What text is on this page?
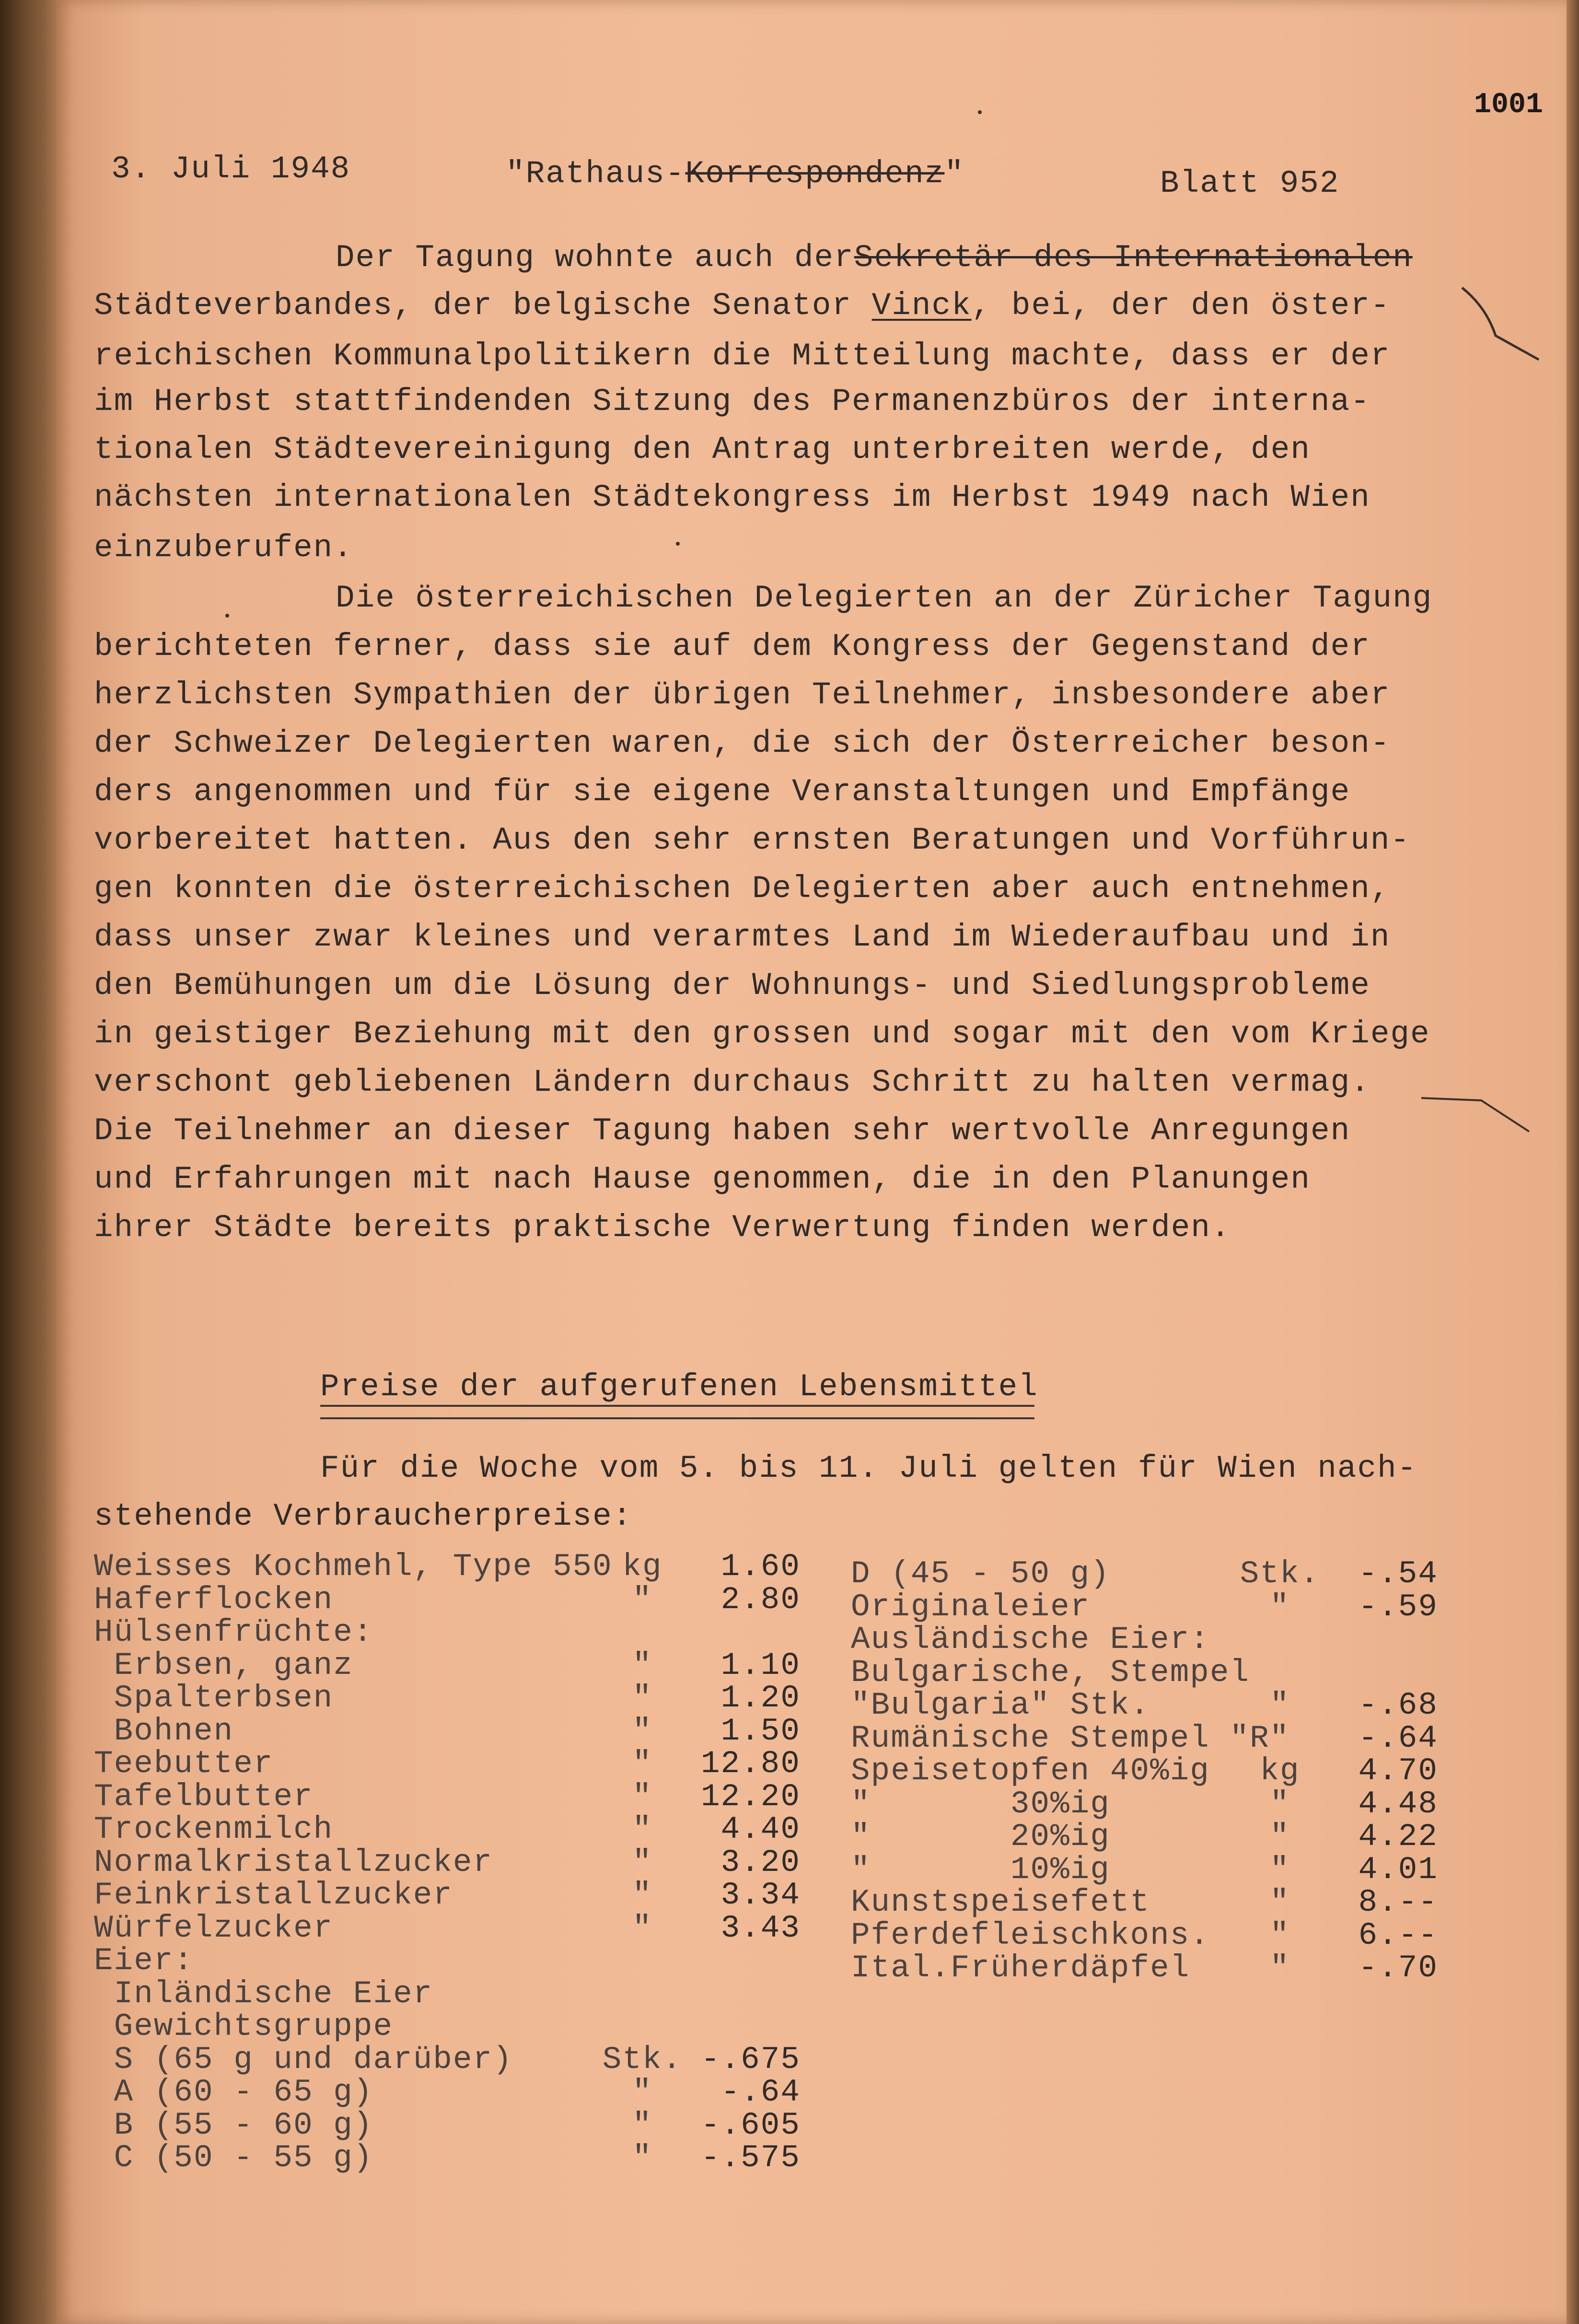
3. Juli 1948	"Rathaus-Korrespondenz"	Blatt 952
1001
Preise der aufgerufenen Lebensmittel
Für die Woche vom 5. bis 11. Juli gelten für Wien nach-
stehende Verbraucherpreise:
Der Tagung wohnte auch derSekretär des Internationalen
Städteverbandes, der belgische Senator Vinck, bei, der den öster-
reichischen Kommunalpolitikern die Mitteilung machte, dass er der
im Herbst stattfindenden Sitzung des Permanenzbüros der interna-
tionalen Städtevereinigung den Antrag unterbreiten werde, den
nächsten internationalen Städtekongress im Herbst 1949 nach Wien
einzuberufen.
Die österreichischen Delegierten an der Züricher Tagung
berichteten ferner, dass sie auf dem Kongress der Gegenstand der
herzlichsten Sympathien der übrigen Teilnehmer, insbesondere aber
der Schweizer Delegierten waren, die sich der Österreicher beson-
ders angenommen und für sie eigene Veranstaltungen und Empfänge
vorbereitet hatten. Aus den sehr ernsten Beratungen und Vorführun-
gen konnten die österreichischen Delegierten aber auch entnehmen,
dass unser zwar kleines und verarmtes Land im Wiederaufbau und in
den Bemühungen um die Lösung der Wohnungs- und Siedlungsprobleme
in geistiger Beziehung mit den grossen und sogar mit den vom Kriege
verschont gebliebenen Ländern durchaus Schritt zu halten vermag.
Die Teilnehmer an dieser Tagung haben sehr wertvolle Anregungen
und Erfahrungen mit nach Hause genommen, die in den Planungen
ihrer Städte bereits praktische Verwertung finden werden.
Weisses Kochmehl, Type 550 kg	1.60
Haferflocken	"	2.80
Hülsenfrüchte:
Erbsen, ganz	"	1.10
Spalterbsen	"	1.20
Bohnen	"	1.50
Teebutter	"	12.80
Tafelbutter	"	12.20
Trockenmilch	"	4.40
Normalkristallzucker	"	3.20
Feinkristallzucker	"	3.34
Würfelzucker	"	3.43
Eier:
Inländische Eier
Gewichtsgruppe
S (65 g und darüber)	Stk. -.675
A (60 - 65 g)	"	-.64
B (55 - 60 g)	"	-.605
C (50 - 55 g)	"	-.575
D (45 - 50 g)	Stk.	-.54
Originaleier	"	-.59
Ausländische Eier:
Bulgarische, Stempel
"Bulgaria" Stk.	"	-.68
Rumänische Stempel "R"	-.64
Speisetopfen 40%ig	kg	4.70
"       30%ig	"	4.48
"       20%ig	"	4.22
"       10%ig	"	4.01
Kunstspeisefett	"	8.--
Pferdefleischkons.	"	6.--
Ital.Früherdäpfel	"	-.70
